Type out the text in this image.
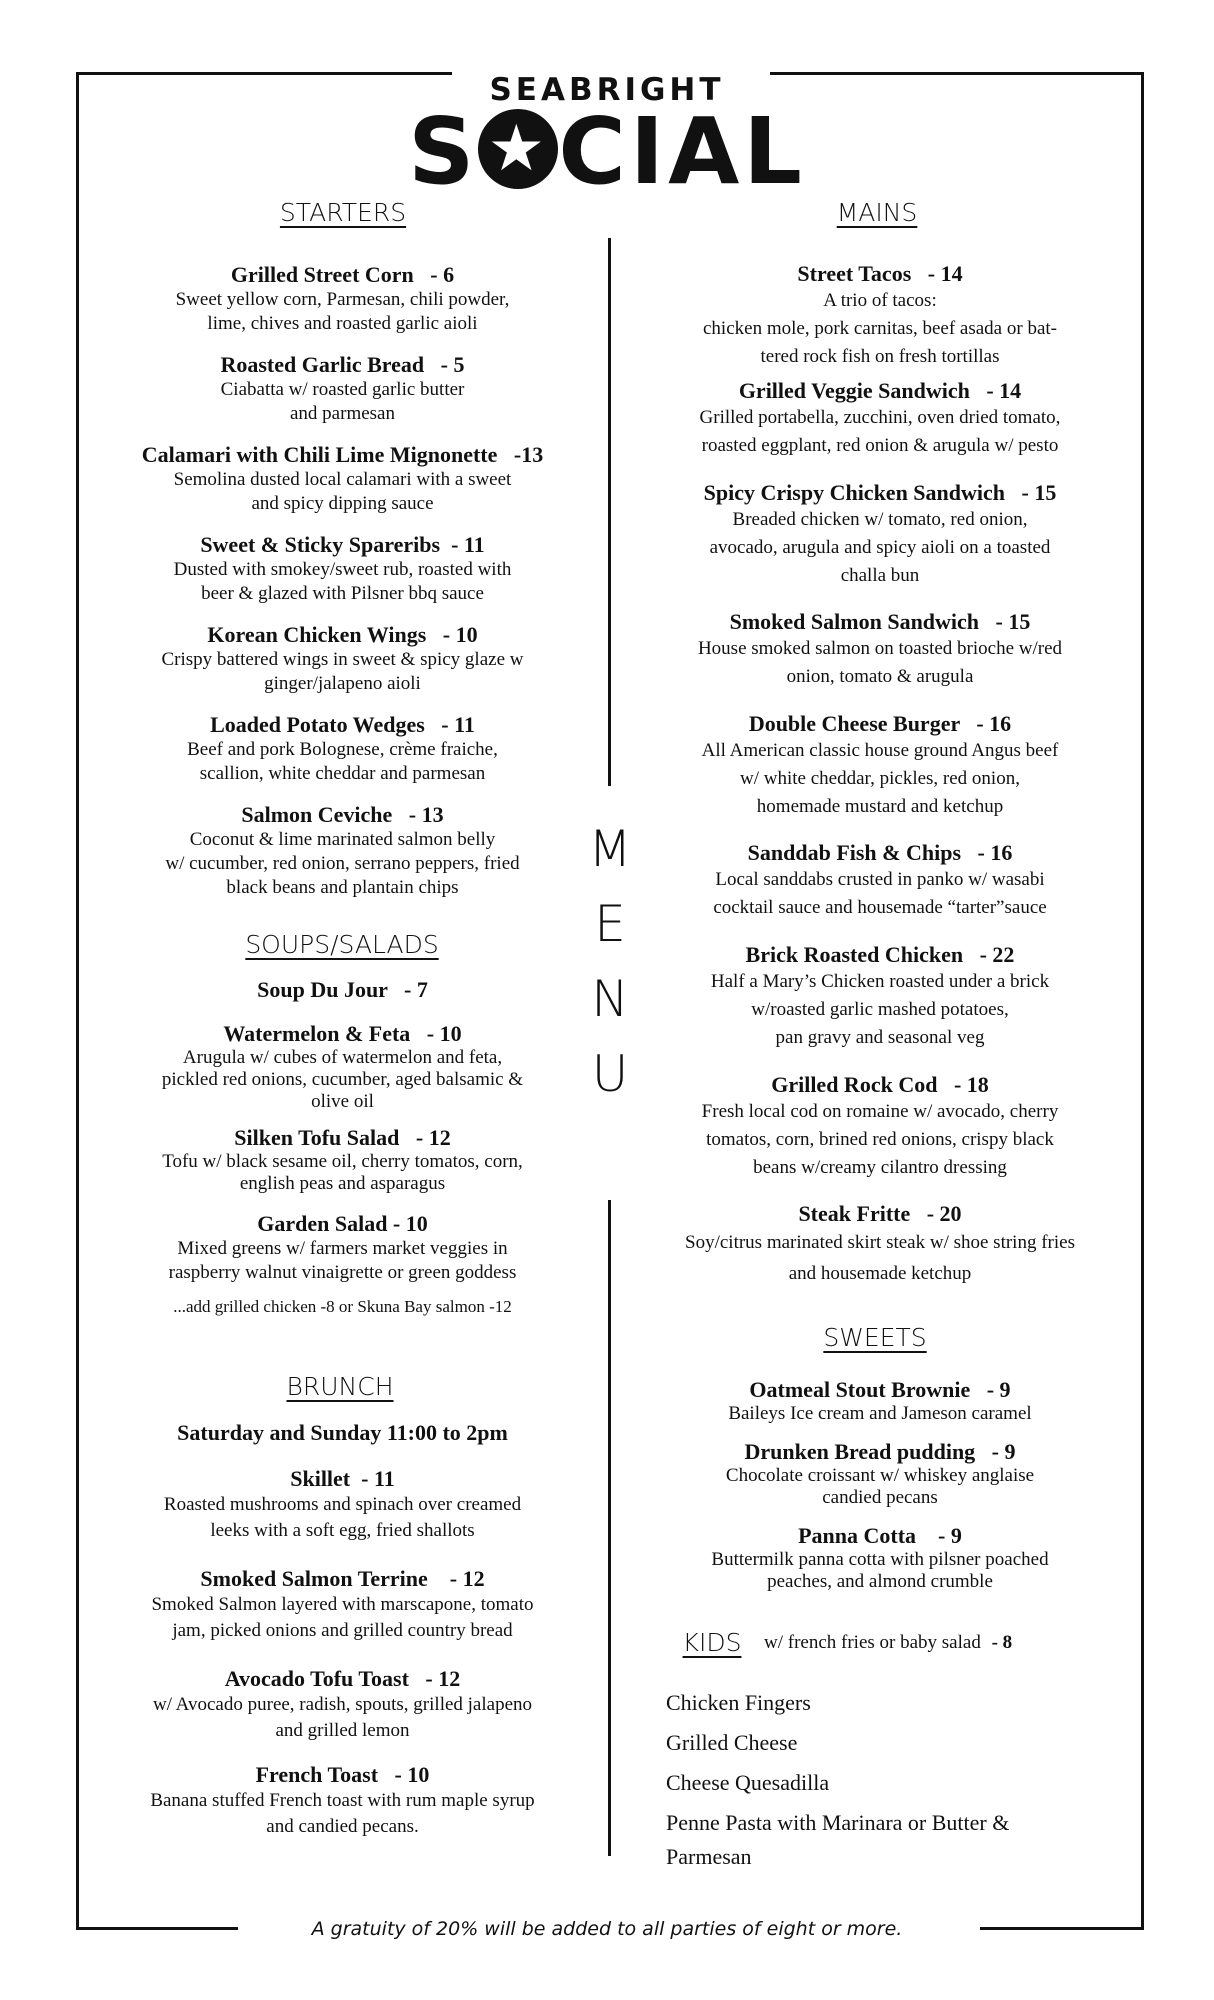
SEABRIGHT
S ★ CIAL
STARTERS	MAINS
SOUPS/SALADS
BRUNCH
SWEETS
Grilled Street Corn   - 6
Sweet yellow corn, Parmesan, chili powder,
lime, chives and roasted garlic aioli
Roasted Garlic Bread   - 5
Ciabatta w/ roasted garlic butter
and parmesan
Calamari with Chili Lime Mignonette   -13
Semolina dusted local calamari with a sweet
and spicy dipping sauce
Sweet & Sticky Spareribs  - 11
Dusted with smokey/sweet rub, roasted with
beer & glazed with Pilsner bbq sauce
Korean Chicken Wings   - 10
Crispy battered wings in sweet & spicy glaze w
ginger/jalapeno aioli
Loaded Potato Wedges   - 11
Beef and pork Bolognese, crème fraiche,
scallion, white cheddar and parmesan
Salmon Ceviche   - 13
Coconut & lime marinated salmon belly
w/ cucumber, red onion, serrano peppers, fried
black beans and plantain chips
Soup Du Jour   - 7
Watermelon & Feta   - 10
Arugula w/ cubes of watermelon and feta,
pickled red onions, cucumber, aged balsamic &
olive oil
Silken Tofu Salad   - 12
Tofu w/ black sesame oil, cherry tomatos, corn,
english peas and asparagus
Garden Salad - 10
Mixed greens w/ farmers market veggies in
raspberry walnut vinaigrette or green goddess
...add grilled chicken -8 or Skuna Bay salmon -12
Saturday and Sunday 11:00 to 2pm
Skillet  - 11
Roasted mushrooms and spinach over creamed
leeks with a soft egg, fried shallots
Smoked Salmon Terrine    - 12
Smoked Salmon layered with marscapone, tomato
jam, picked onions and grilled country bread
Avocado Tofu Toast   - 12
w/ Avocado puree, radish, spouts, grilled jalapeno
and grilled lemon
French Toast   - 10
Banana stuffed French toast with rum maple syrup
and candied pecans.
M
E
N
U
Street Tacos   - 14
A trio of tacos:
chicken mole, pork carnitas, beef asada or bat-
tered rock fish on fresh tortillas
Grilled Veggie Sandwich   - 14
Grilled portabella, zucchini, oven dried tomato,
roasted eggplant, red onion & arugula w/ pesto
Spicy Crispy Chicken Sandwich   - 15
Breaded chicken w/ tomato, red onion,
avocado, arugula and spicy aioli on a toasted
challa bun
Smoked Salmon Sandwich   - 15
House smoked salmon on toasted brioche w/red
onion, tomato & arugula
Double Cheese Burger   - 16
All American classic house ground Angus beef
w/ white cheddar, pickles, red onion,
homemade mustard and ketchup
Sanddab Fish & Chips   - 16
Local sanddabs crusted in panko w/ wasabi
cocktail sauce and housemade “tarter”sauce
Brick Roasted Chicken   - 22
Half a Mary’s Chicken roasted under a brick
w/roasted garlic mashed potatoes,
pan gravy and seasonal veg
Grilled Rock Cod   - 18
Fresh local cod on romaine w/ avocado, cherry
tomatos, corn, brined red onions, crispy black
beans w/creamy cilantro dressing
Steak Fritte   - 20
Soy/citrus marinated skirt steak w/ shoe string fries
and housemade ketchup
Oatmeal Stout Brownie   - 9
Baileys Ice cream and Jameson caramel
Drunken Bread pudding   - 9
Chocolate croissant w/ whiskey anglaise
candied pecans
Panna Cotta    - 9
Buttermilk panna cotta with pilsner poached
peaches, and almond crumble
KIDS w/ french fries or baby salad - 8
Chicken Fingers
Grilled Cheese
Cheese Quesadilla
Penne Pasta with Marinara or Butter &
Parmesan
A gratuity of 20% will be added to all parties of eight or more.
